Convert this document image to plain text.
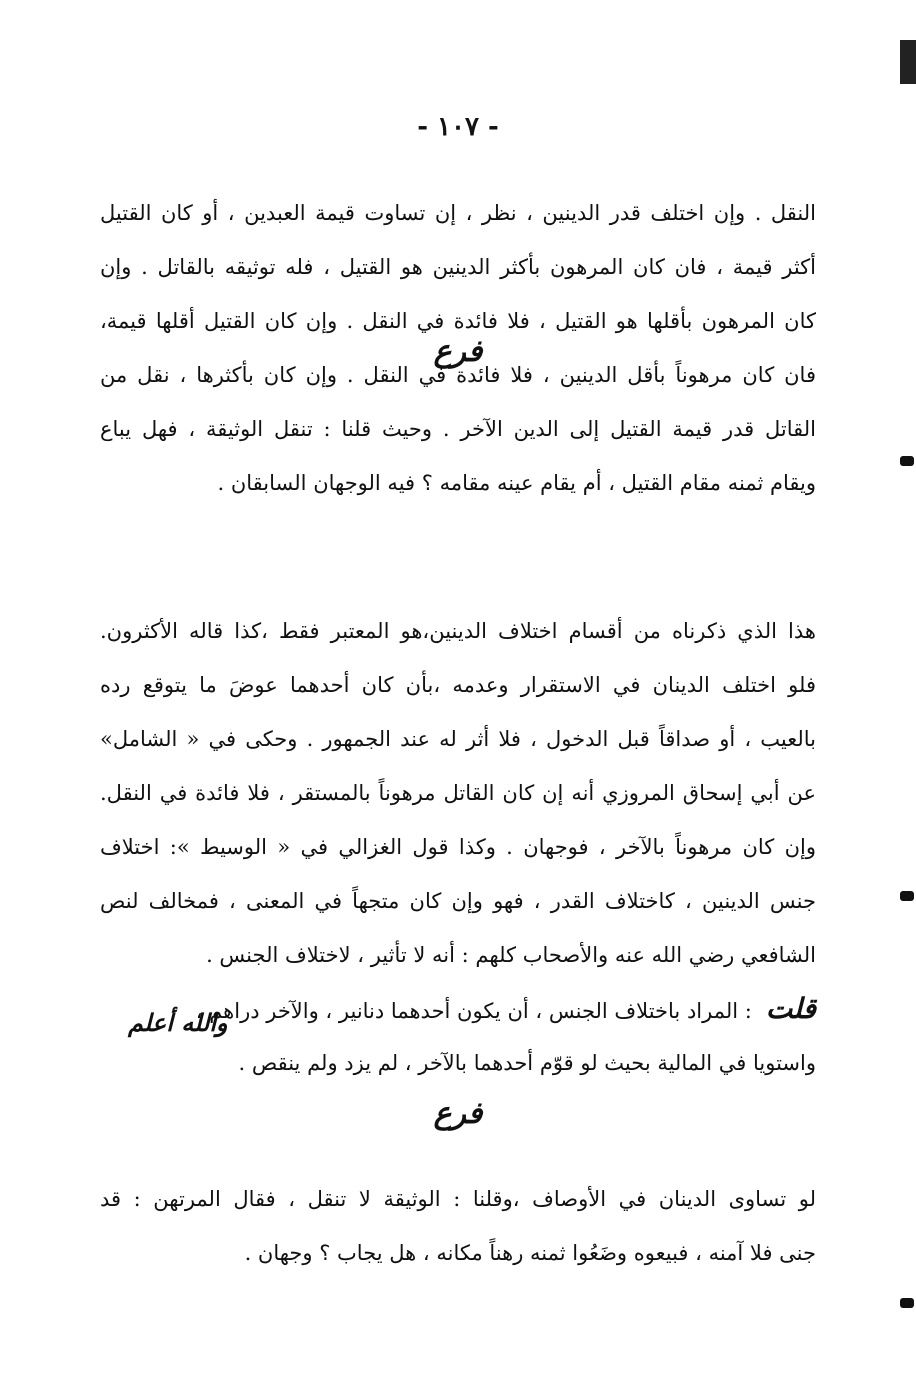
- ١٠٧ -
النقل . وإن اختلف قدر الدينين ، نظر ، إن تساوت قيمة العبدين ، أو كان القتيل
أكثر قيمة ، فان كان المرهون بأكثر الدينين هو القتيل ، فله توثيقه بالقاتل . وإن
كان المرهون بأقلها هو القتيل ، فلا فائدة في النقل . وإن كان القتيل أقلها قيمة،
فان كان مرهوناً بأقل الدينين ، فلا فائدة في النقل . وإن كان بأكثرها ، نقل من
القاتل قدر قيمة القتيل إلى الدين الآخر . وحيث قلنا : تنقل الوثيقة ، فهل يباع
ويقام ثمنه مقام القتيل ، أم يقام عينه مقامه ؟ فيه الوجهان السابقان .
فرع
هذا الذي ذكرناه من أقسام اختلاف الدينين،هو المعتبر فقط ،كذا قاله الأكثرون.
فلو اختلف الدينان في الاستقرار وعدمه ،بأن كان أحدهما عوضَ ما يتوقع رده
بالعيب ، أو صداقاً قبل الدخول ، فلا أثر له عند الجمهور . وحكى في « الشامل»
عن أبي إسحاق المروزي أنه إن كان القاتل مرهوناً بالمستقر ، فلا فائدة في النقل.
وإن كان مرهوناً بالآخر ، فوجهان . وكذا قول الغزالي في « الوسيط »: اختلاف
جنس الدينين ، كاختلاف القدر ، فهو وإن كان متجهاً في المعنى ، فمخالف لنص
الشافعي رضي الله عنه والأصحاب كلهم : أنه لا تأثير ، لاختلاف الجنس .
قلت: المراد باختلاف الجنس ، أن يكون أحدهما دنانير ، والآخر دراهم ،
واستويا في المالية بحيث لو قوّم أحدهما بالآخر ، لم يزد ولم ينقص .
والله أعلم
فرع
لو تساوى الدينان في الأوصاف ،وقلنا : الوثيقة لا تنقل ، فقال المرتهن : قد
جنى فلا آمنه ، فبيعوه وضَعُوا ثمنه رهناً مكانه ، هل يجاب ؟ وجهان .
